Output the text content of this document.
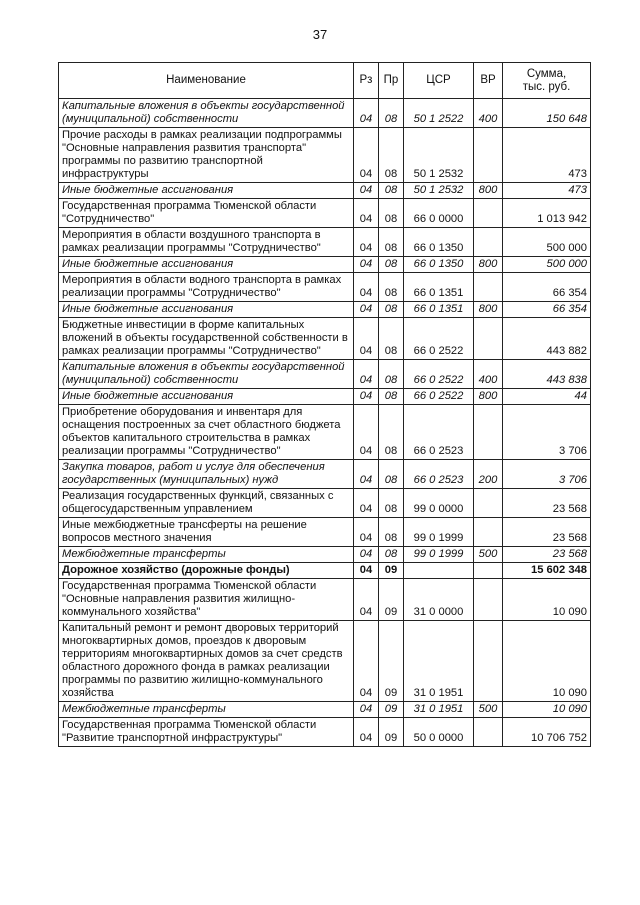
37
Наименование	Рз	Пр	ЦСР	ВР	Сумма,
тыс. руб.
Капитальные вложения в объекты государственной (муниципальной) собственности	04	08	50 1 2522	400	150 648
Прочие расходы в рамках реализации подпрограммы "Основные направления развития транспорта" программы по развитию транспортной инфраструктуры	04	08	50 1 2532		473
Иные бюджетные ассигнования	04	08	50 1 2532	800	473
Государственная программа Тюменской области "Сотрудничество"	04	08	66 0 0000		1 013 942
Мероприятия в области воздушного транспорта в рамках реализации программы "Сотрудничество"	04	08	66 0 1350		500 000
Иные бюджетные ассигнования	04	08	66 0 1350	800	500 000
Мероприятия в области водного транспорта в рамках реализации программы "Сотрудничество"	04	08	66 0 1351		66 354
Иные бюджетные ассигнования	04	08	66 0 1351	800	66 354
Бюджетные инвестиции в форме капитальных вложений в объекты государственной собственности в рамках реализации программы "Сотрудничество"	04	08	66 0 2522		443 882
Капитальные вложения в объекты государственной (муниципальной) собственности	04	08	66 0 2522	400	443 838
Иные бюджетные ассигнования	04	08	66 0 2522	800	44
Приобретение оборудования и инвентаря для оснащения построенных за счет областного бюджета объектов капитального строительства в рамках реализации программы "Сотрудничество"	04	08	66 0 2523		3 706
Закупка товаров, работ и услуг для обеспечения государственных (муниципальных) нужд	04	08	66 0 2523	200	3 706
Реализация государственных функций, связанных с общегосударственным управлением	04	08	99 0 0000		23 568
Иные межбюджетные трансферты на решение вопросов местного значения	04	08	99 0 1999		23 568
Межбюджетные трансферты	04	08	99 0 1999	500	23 568
Дорожное хозяйство (дорожные фонды)	04	09			15 602 348
Государственная программа Тюменской области "Основные направления развития жилищно-коммунального хозяйства"	04	09	31 0 0000		10 090
Капитальный ремонт и ремонт дворовых территорий многоквартирных домов, проездов к дворовым территориям многоквартирных домов за счет средств областного дорожного фонда в рамках реализации программы по развитию жилищно-коммунального хозяйства	04	09	31 0 1951		10 090
Межбюджетные трансферты	04	09	31 0 1951	500	10 090
Государственная программа Тюменской области "Развитие транспортной инфраструктуры"	04	09	50 0 0000		10 706 752
